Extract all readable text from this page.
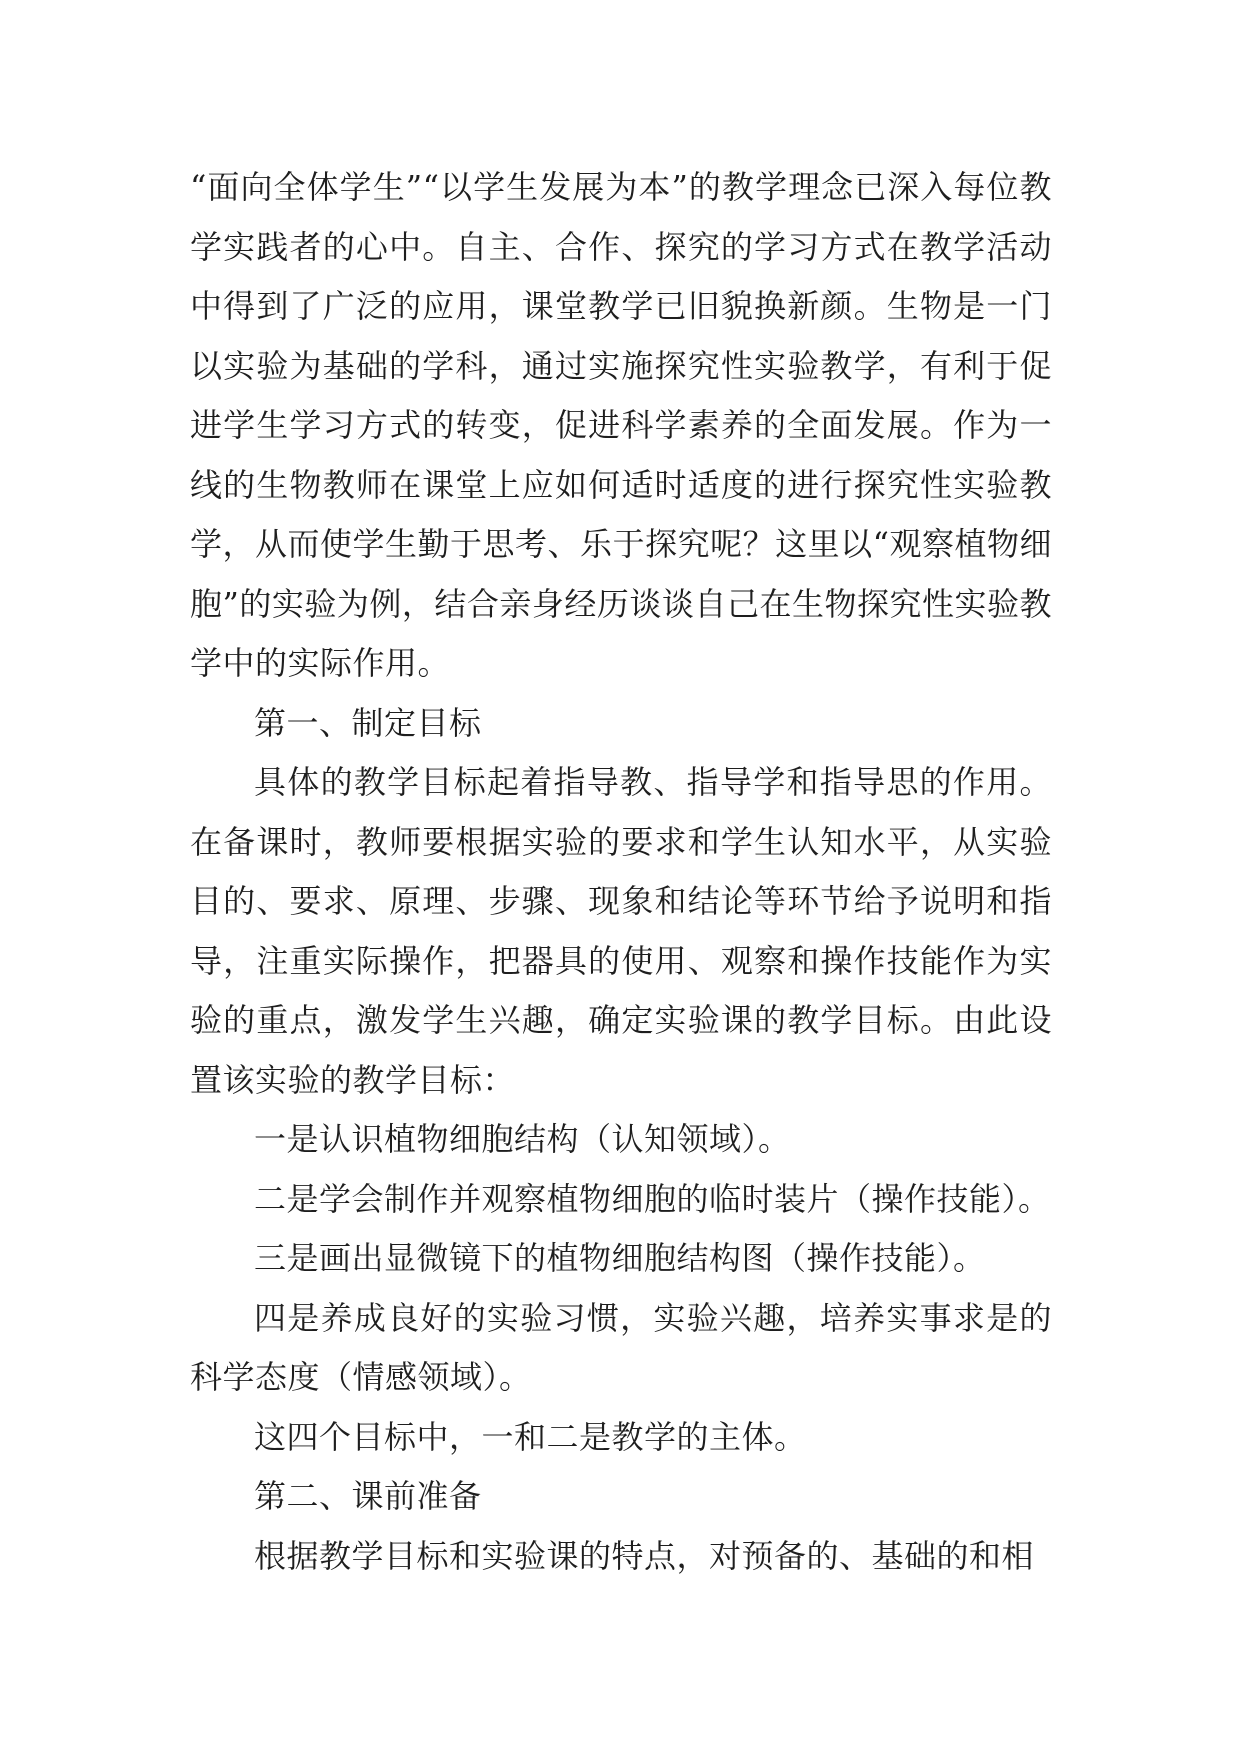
“面向全体学生”“以学生发展为本”的教学理念已深入每位教学实践者的心中。自主、合作、探究的学习方式在教学活动中得到了广泛的应用，课堂教学已旧貌换新颜。生物是一门以实验为基础的学科，通过实施探究性实验教学，有利于促进学生学习方式的转变，促进科学素养的全面发展。作为一线的生物教师在课堂上应如何适时适度的进行探究性实验教学，从而使学生勤于思考、乐于探究呢？这里以“观察植物细胞”的实验为例，结合亲身经历谈谈自己在生物探究性实验教学中的实际作用。

第一、制定目标

具体的教学目标起着指导教、指导学和指导思的作用。在备课时，教师要根据实验的要求和学生认知水平，从实验目的、要求、原理、步骤、现象和结论等环节给予说明和指导，注重实际操作，把器具的使用、观察和操作技能作为实验的重点，激发学生兴趣，确定实验课的教学目标。由此设置该实验的教学目标：

一是认识植物细胞结构（认知领域）。

二是学会制作并观察植物细胞的临时装片（操作技能）。

三是画出显微镜下的植物细胞结构图（操作技能）。

四是养成良好的实验习惯，实验兴趣，培养实事求是的科学态度（情感领域）。

这四个目标中，一和二是教学的主体。

第二、课前准备

根据教学目标和实验课的特点，对预备的、基础的和相
